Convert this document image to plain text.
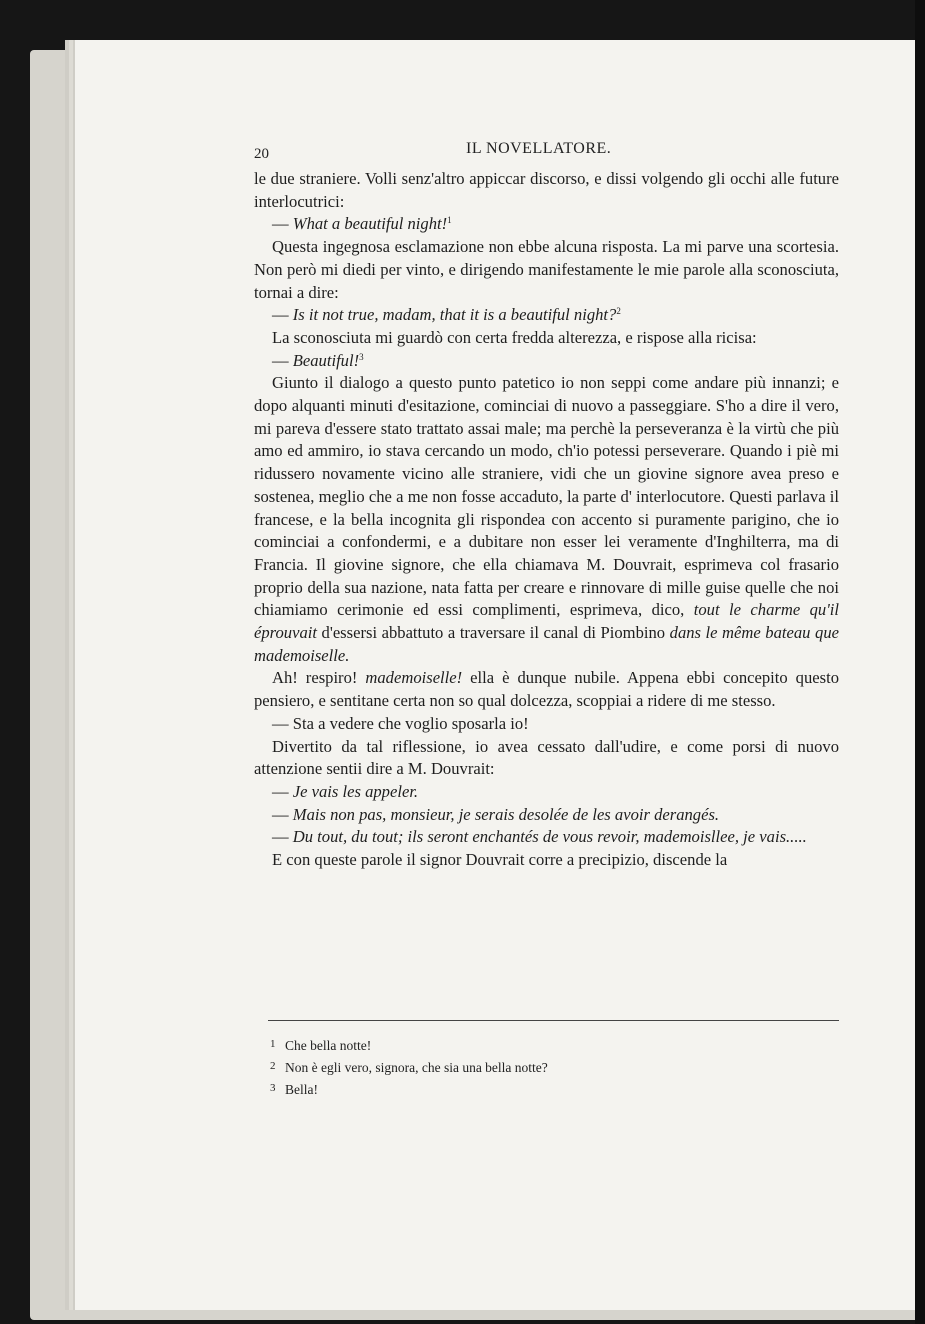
20	IL NOVELLATORE.

le due straniere. Volli senz'altro appiccar discorso, e dissi volgendo gli occhi alle future interlocutrici:

— What a beautiful night!$^1$

Questa ingegnosa esclamazione non ebbe alcuna risposta. La mi parve una scortesia. Non però mi diedi per vinto, e dirigendo manifestamente le mie parole alla sconosciuta, tornai a dire:

— Is it not true, madam, that it is a beautiful night?$^2$

La sconosciuta mi guardò con certa fredda alterezza, e rispose alla ricisa:

— Beautiful!$^3$

Giunto il dialogo a questo punto patetico io non seppi come andare più innanzi; e dopo alquanti minuti d'esitazione, cominciai di nuovo a passeggiare. S'ho a dire il vero, mi pareva d'essere stato trattato assai male; ma perchè la perseveranza è la virtù che più amo ed ammiro, io stava cercando un modo, ch'io potessi perseverare. Quando i piè mi ridussero novamente vicino alle straniere, vidi che un giovine signore avea preso e sostenea, meglio che a me non fosse accaduto, la parte d' interlocutore. Questi parlava il francese, e la bella incognita gli rispondea con accento si puramente parigino, che io cominciai a confondermi, e a dubitare non esser lei veramente d'Inghilterra, ma di Francia. Il giovine signore, che ella chiamava M. Douvrait, esprimeva col frasario proprio della sua nazione, nata fatta per creare e rinnovare di mille guise quelle che noi chiamiamo cerimonie ed essi complimenti, esprimeva, dico, tout le charme qu'il éprouvait d'essersi abbattuto a traversare il canal di Piombino dans le même bateau que mademoiselle.

Ah! respiro! mademoiselle! ella è dunque nubile. Appena ebbi concepito questo pensiero, e sentitane certa non so qual dolcezza, scoppiai a ridere di me stesso.

— Sta a vedere che voglio sposarla io!

Divertito da tal riflessione, io avea cessato dall'udire, e come porsi di nuovo attenzione sentii dire a M. Douvrait:

— Je vais les appeler.

— Mais non pas, monsieur, je serais desolée de les avoir derangés.

— Du tout, du tout; ils seront enchantés de vous revoir, mademoisllee, je vais.....

E con queste parole il signor Douvrait corre a precipizio, discende la

1 Che bella notte!
2 Non è egli vero, signora, che sia una bella notte?
3 Bella!
